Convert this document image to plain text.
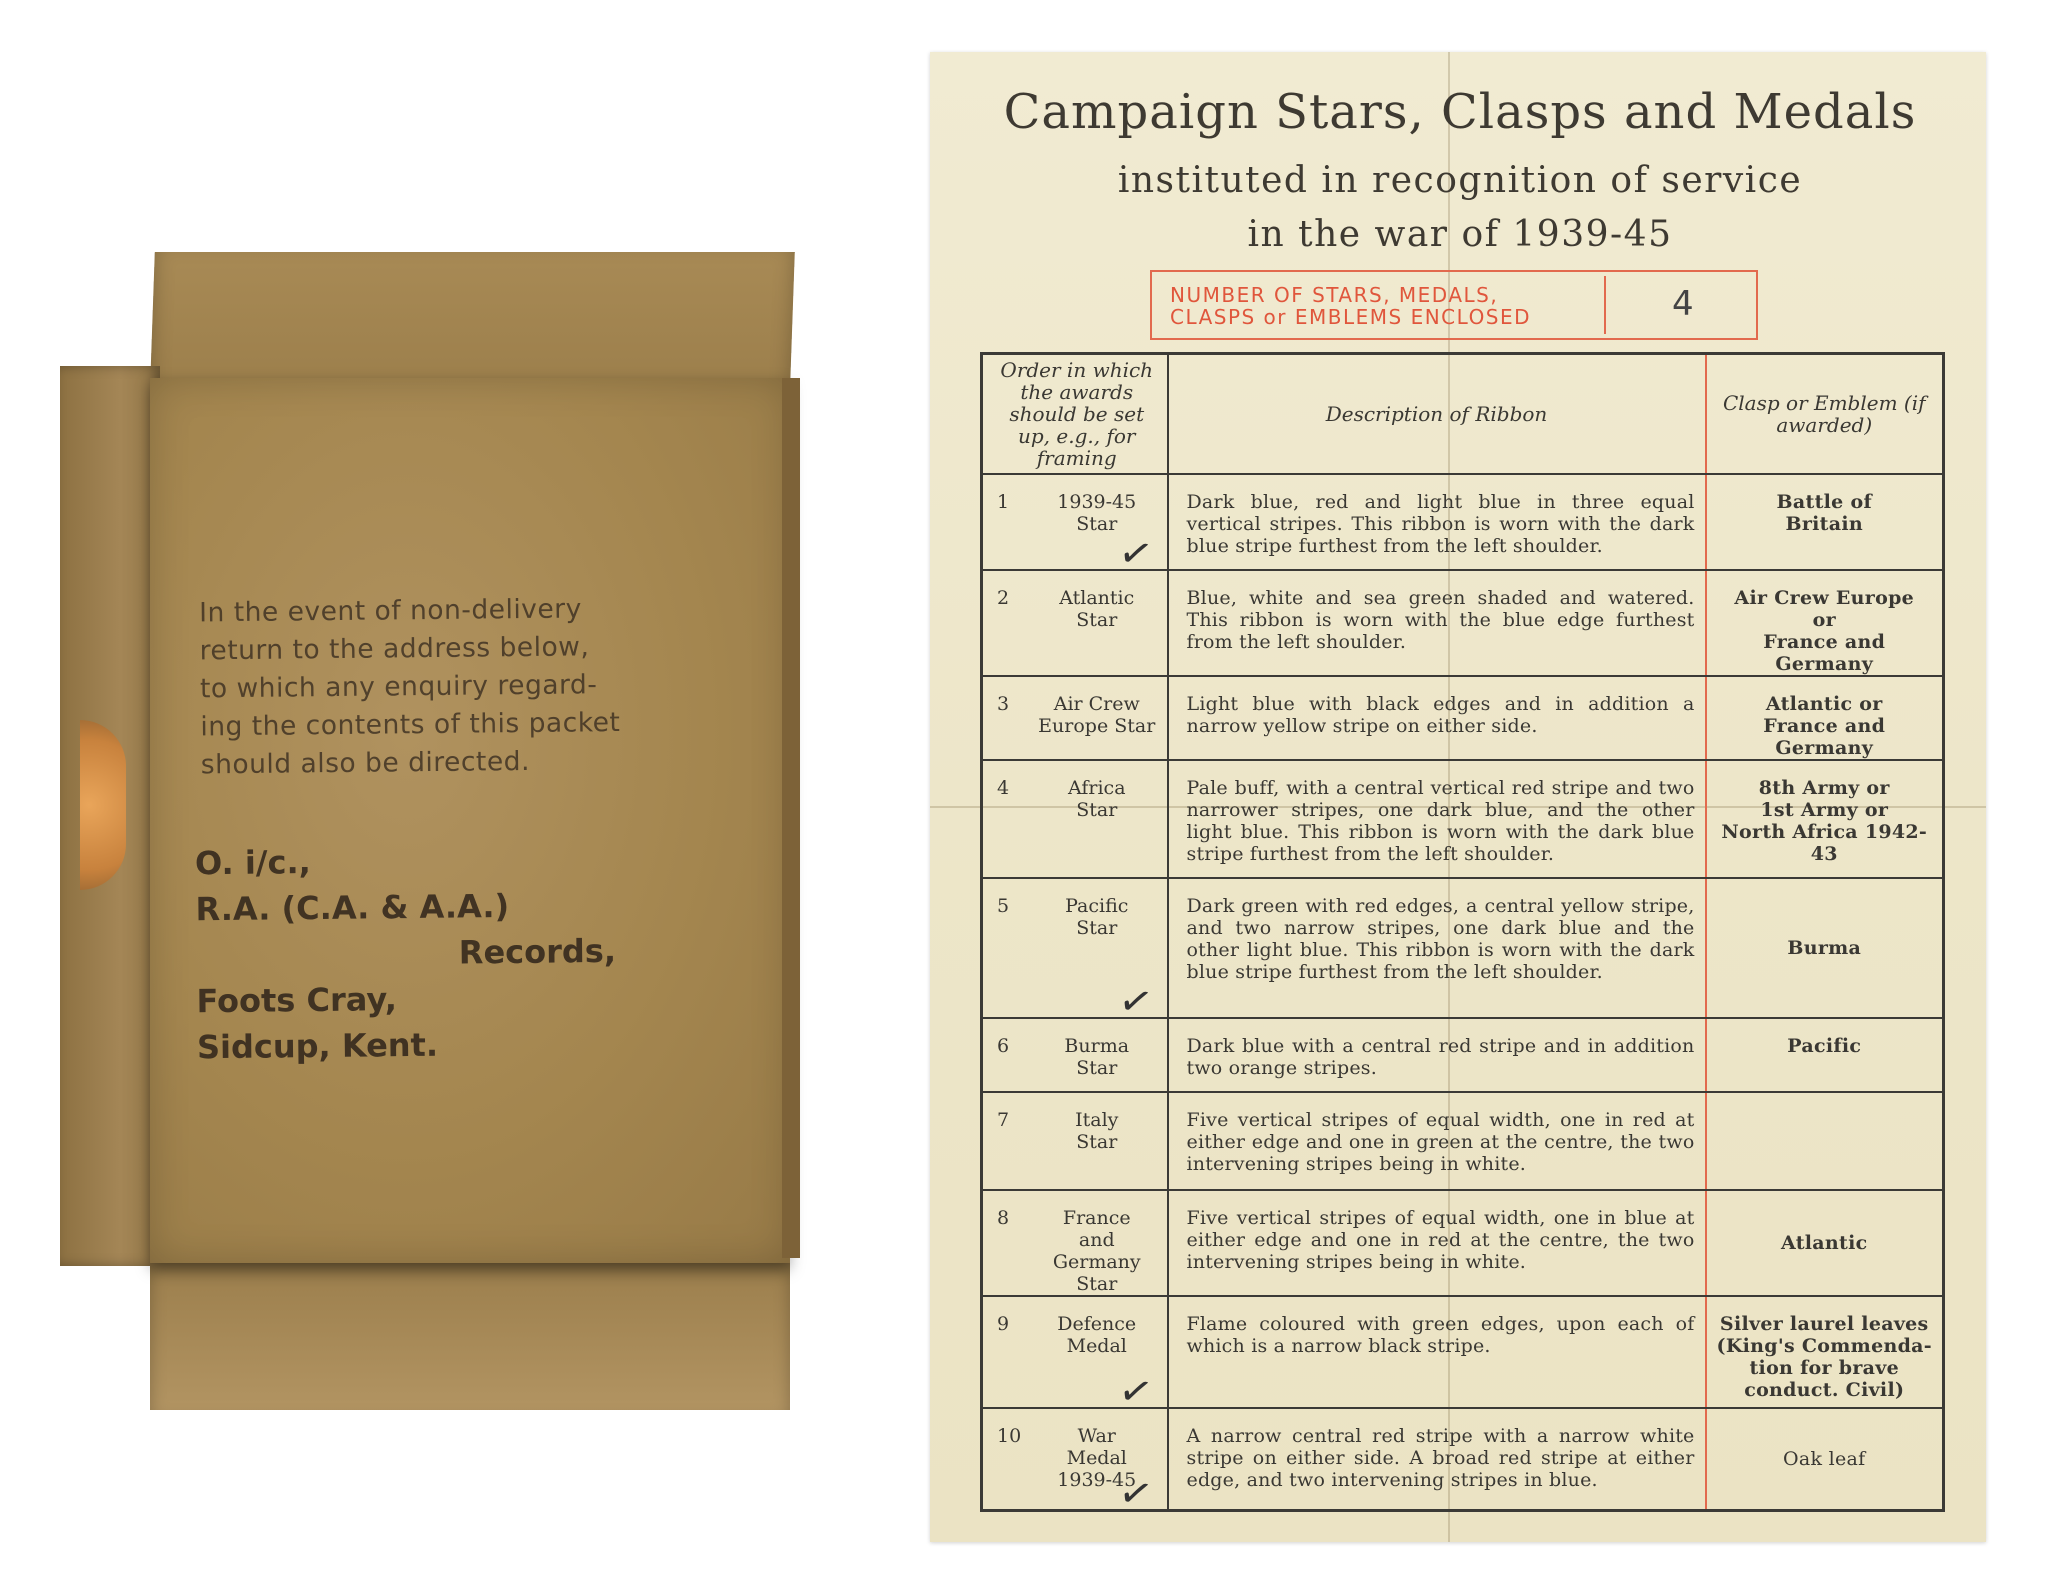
In the event of non-delivery
return to the address below,
to which any enquiry regard-
ing the contents of this packet
should also be directed.
O. i/c.,
R.A. (C.A. & A.A.)
Records,
Foots Cray,
Sidcup, Kent.
Campaign Stars, Clasps and Medals
instituted in recognition of service
in the war of 1939-45
NUMBER OF STARS, MEDALS,
CLASPS or EMBLEMS ENCLOSED	4
Order in which the awards should be set up, e.g., for framing	Description of Ribbon	Clasp or Emblem (if awarded)

1 1939-45
Star
✓	Dark blue, red and light blue in three equal vertical stripes. This ribbon is worn with the dark blue stripe furthest from the left shoulder.	Battle of
Britain

2 Atlantic
Star	Blue, white and sea green shaded and watered. This ribbon is worn with the blue edge furthest from the left shoulder.	Air Crew Europe
or
France and Germany

3 Air Crew
Europe Star	Light blue with black edges and in addition a narrow yellow stripe on either side.	Atlantic or
France and Germany

4 Africa
Star	Pale buff, with a central vertical red stripe and two narrower stripes, one dark blue, and the other light blue. This ribbon is worn with the dark blue stripe furthest from the left shoulder.	8th Army or
1st Army or
North Africa 1942-43

5 Pacific
Star
✓	Dark green with red edges, a central yellow stripe, and two narrow stripes, one dark blue and the other light blue. This ribbon is worn with the dark blue stripe furthest from the left shoulder.	Burma

6 Burma
Star	Dark blue with a central red stripe and in addition two orange stripes.	Pacific

7 Italy
Star	Five vertical stripes of equal width, one in red at either edge and one in green at the centre, the two intervening stripes being in white.	

8 France
and Germany
Star	Five vertical stripes of equal width, one in blue at either edge and one in red at the centre, the two intervening stripes being in white.	Atlantic

9 Defence
Medal
✓	Flame coloured with green edges, upon each of which is a narrow black stripe.	Silver laurel leaves
(King's Commenda-
tion for brave
conduct. Civil)

10 War
Medal
1939-45
✓	A narrow central red stripe with a narrow white stripe on either side. A broad red stripe at either edge, and two intervening stripes in blue.	Oak leaf
